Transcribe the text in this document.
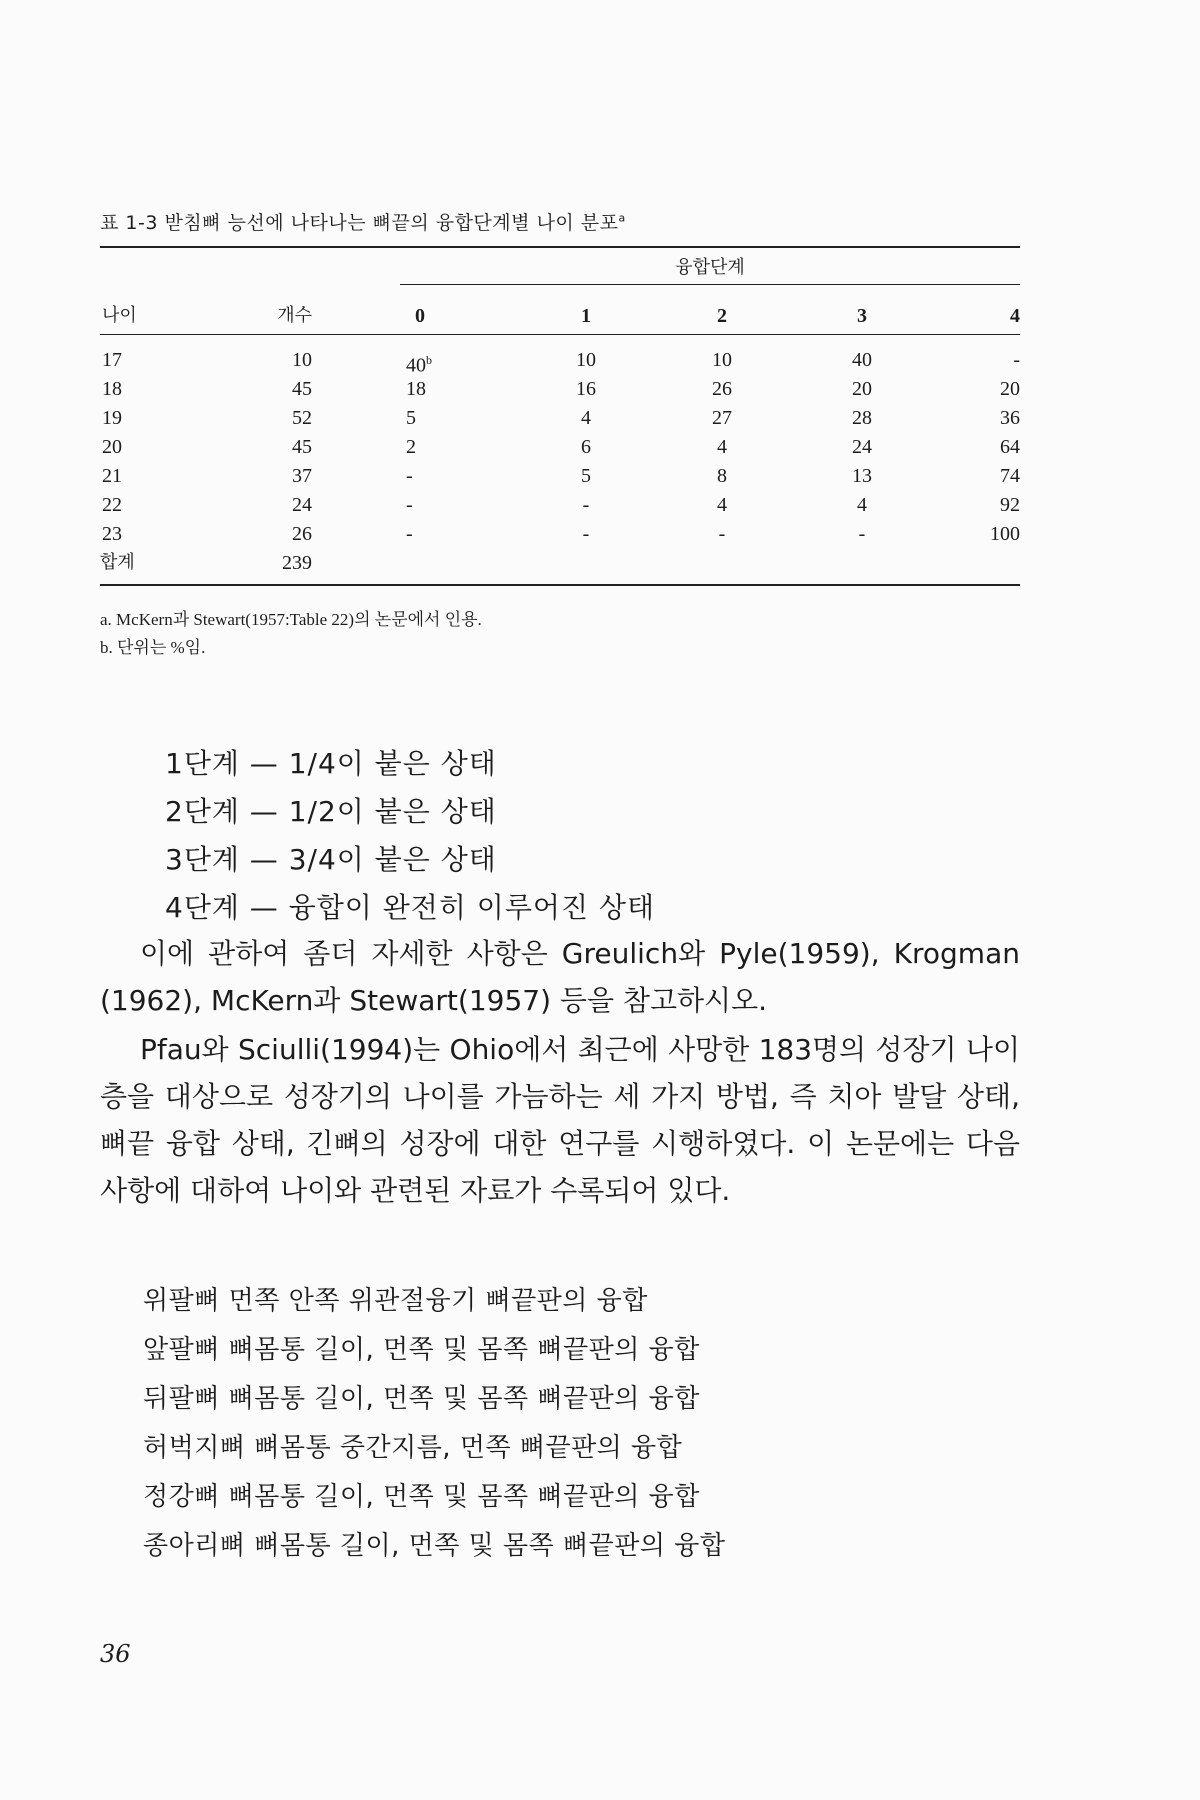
표 1-3 받침뼈 능선에 나타나는 뼈끝의 융합단계별 나이 분포$^a$
융합단계
나이	개수	0	1	2	3	4
17	10	40$^b$	10	10	40	-
18	45	18	16	26	20	20
19	52	5	4	27	28	36
20	45	2	6	4	24	64
21	37	-	5	8	13	74
22	24	-	-	4	4	92
23	26	-	-	-	-	100
합계	239
a. McKern과 Stewart(1957:Table 22)의 논문에서 인용.
b. 단위는 %임.
1단계 — 1/4이 붙은 상태
2단계 — 1/2이 붙은 상태
3단계 — 3/4이 붙은 상태
4단계 — 융합이 완전히 이루어진 상태
이에 관하여 좀더 자세한 사항은 Greulich와 Pyle(1959), Krogman (1962), McKern과 Stewart(1957) 등을 참고하시오.
Pfau와 Sciulli(1994)는 Ohio에서 최근에 사망한 183명의 성장기 나이층을 대상으로 성장기의 나이를 가늠하는 세 가지 방법, 즉 치아 발달 상태, 뼈끝 융합 상태, 긴뼈의 성장에 대한 연구를 시행하였다. 이 논문에는 다음 사항에 대하여 나이와 관련된 자료가 수록되어 있다.
위팔뼈 먼쪽 안쪽 위관절융기 뼈끝판의 융합
앞팔뼈 뼈몸통 길이, 먼쪽 및 몸쪽 뼈끝판의 융합
뒤팔뼈 뼈몸통 길이, 먼쪽 및 몸쪽 뼈끝판의 융합
허벅지뼈 뼈몸통 중간지름, 먼쪽 뼈끝판의 융합
정강뼈 뼈몸통 길이, 먼쪽 및 몸쪽 뼈끝판의 융합
종아리뼈 뼈몸통 길이, 먼쪽 및 몸쪽 뼈끝판의 융합
36
